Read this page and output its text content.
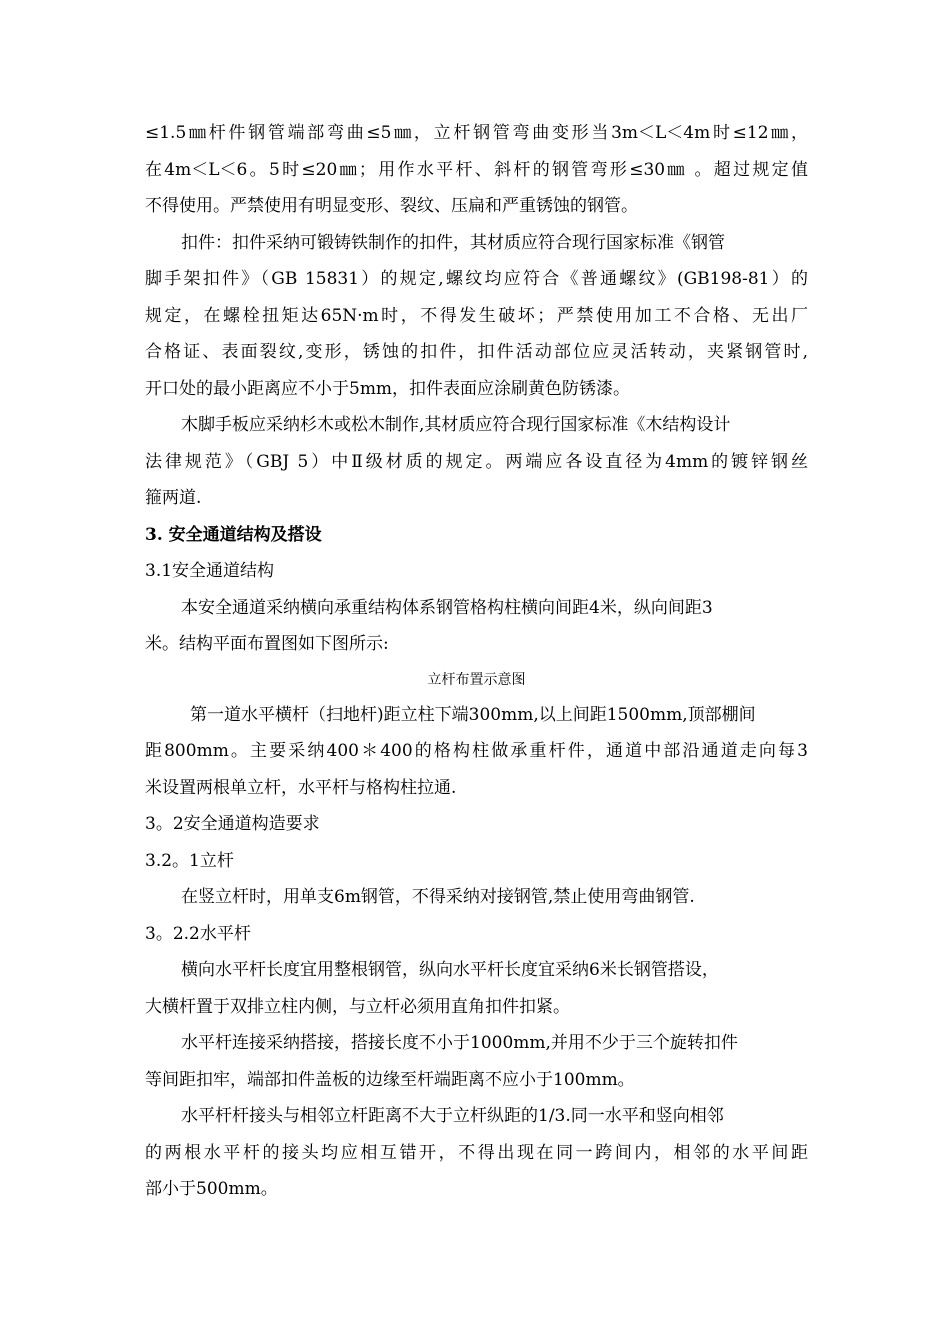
≤1.5㎜杆件钢管端部弯曲≤5㎜，立杆钢管弯曲变形当3m＜L＜4m时≤12㎜，

在4m＜L＜6。5时≤20㎜；用作水平杆、斜杆的钢管弯形≤30㎜ 。超过规定值

不得使用。严禁使用有明显变形、裂纹、压扁和严重锈蚀的钢管。

扣件：扣件采纳可锻铸铁制作的扣件，其材质应符合现行国家标准《钢管

脚手架扣件》（GB 15831）的规定,螺纹均应符合《普通螺纹》(GB198-81）的

规定，在螺栓扭矩达65N·m时，不得发生破坏；严禁使用加工不合格、无出厂

合格证、表面裂纹,变形，锈蚀的扣件，扣件活动部位应灵活转动，夹紧钢管时,

开口处的最小距离应不小于5mm，扣件表面应涂刷黄色防锈漆。

木脚手板应采纳杉木或松木制作,其材质应符合现行国家标准《木结构设计

法律规范》（GBJ 5）中Ⅱ级材质的规定。两端应各设直径为4mm的镀锌钢丝

箍两道.

3. 安全通道结构及搭设

3.1安全通道结构

本安全通道采纳横向承重结构体系钢管格构柱横向间距4米，纵向间距3

米。结构平面布置图如下图所示:

立杆布置示意图

第一道水平横杆（扫地杆)距立柱下端300mm,以上间距1500mm,顶部棚间

距800mm。主要采纳400＊400的格构柱做承重杆件，通道中部沿通道走向每3

米设置两根单立杆，水平杆与格构柱拉通.

3。2安全通道构造要求

3.2。1立杆

在竖立杆时，用单支6m钢管，不得采纳对接钢管,禁止使用弯曲钢管.

3。2.2水平杆

横向水平杆长度宜用整根钢管，纵向水平杆长度宜采纳6米长钢管搭设，

大横杆置于双排立柱内侧，与立杆必须用直角扣件扣紧。

水平杆连接采纳搭接，搭接长度不小于1000mm,并用不少于三个旋转扣件

等间距扣牢，端部扣件盖板的边缘至杆端距离不应小于100mm。

水平杆杆接头与相邻立杆距离不大于立杆纵距的1/3.同一水平和竖向相邻

的两根水平杆的接头均应相互错开，不得出现在同一跨间内，相邻的水平间距

部小于500mm。
